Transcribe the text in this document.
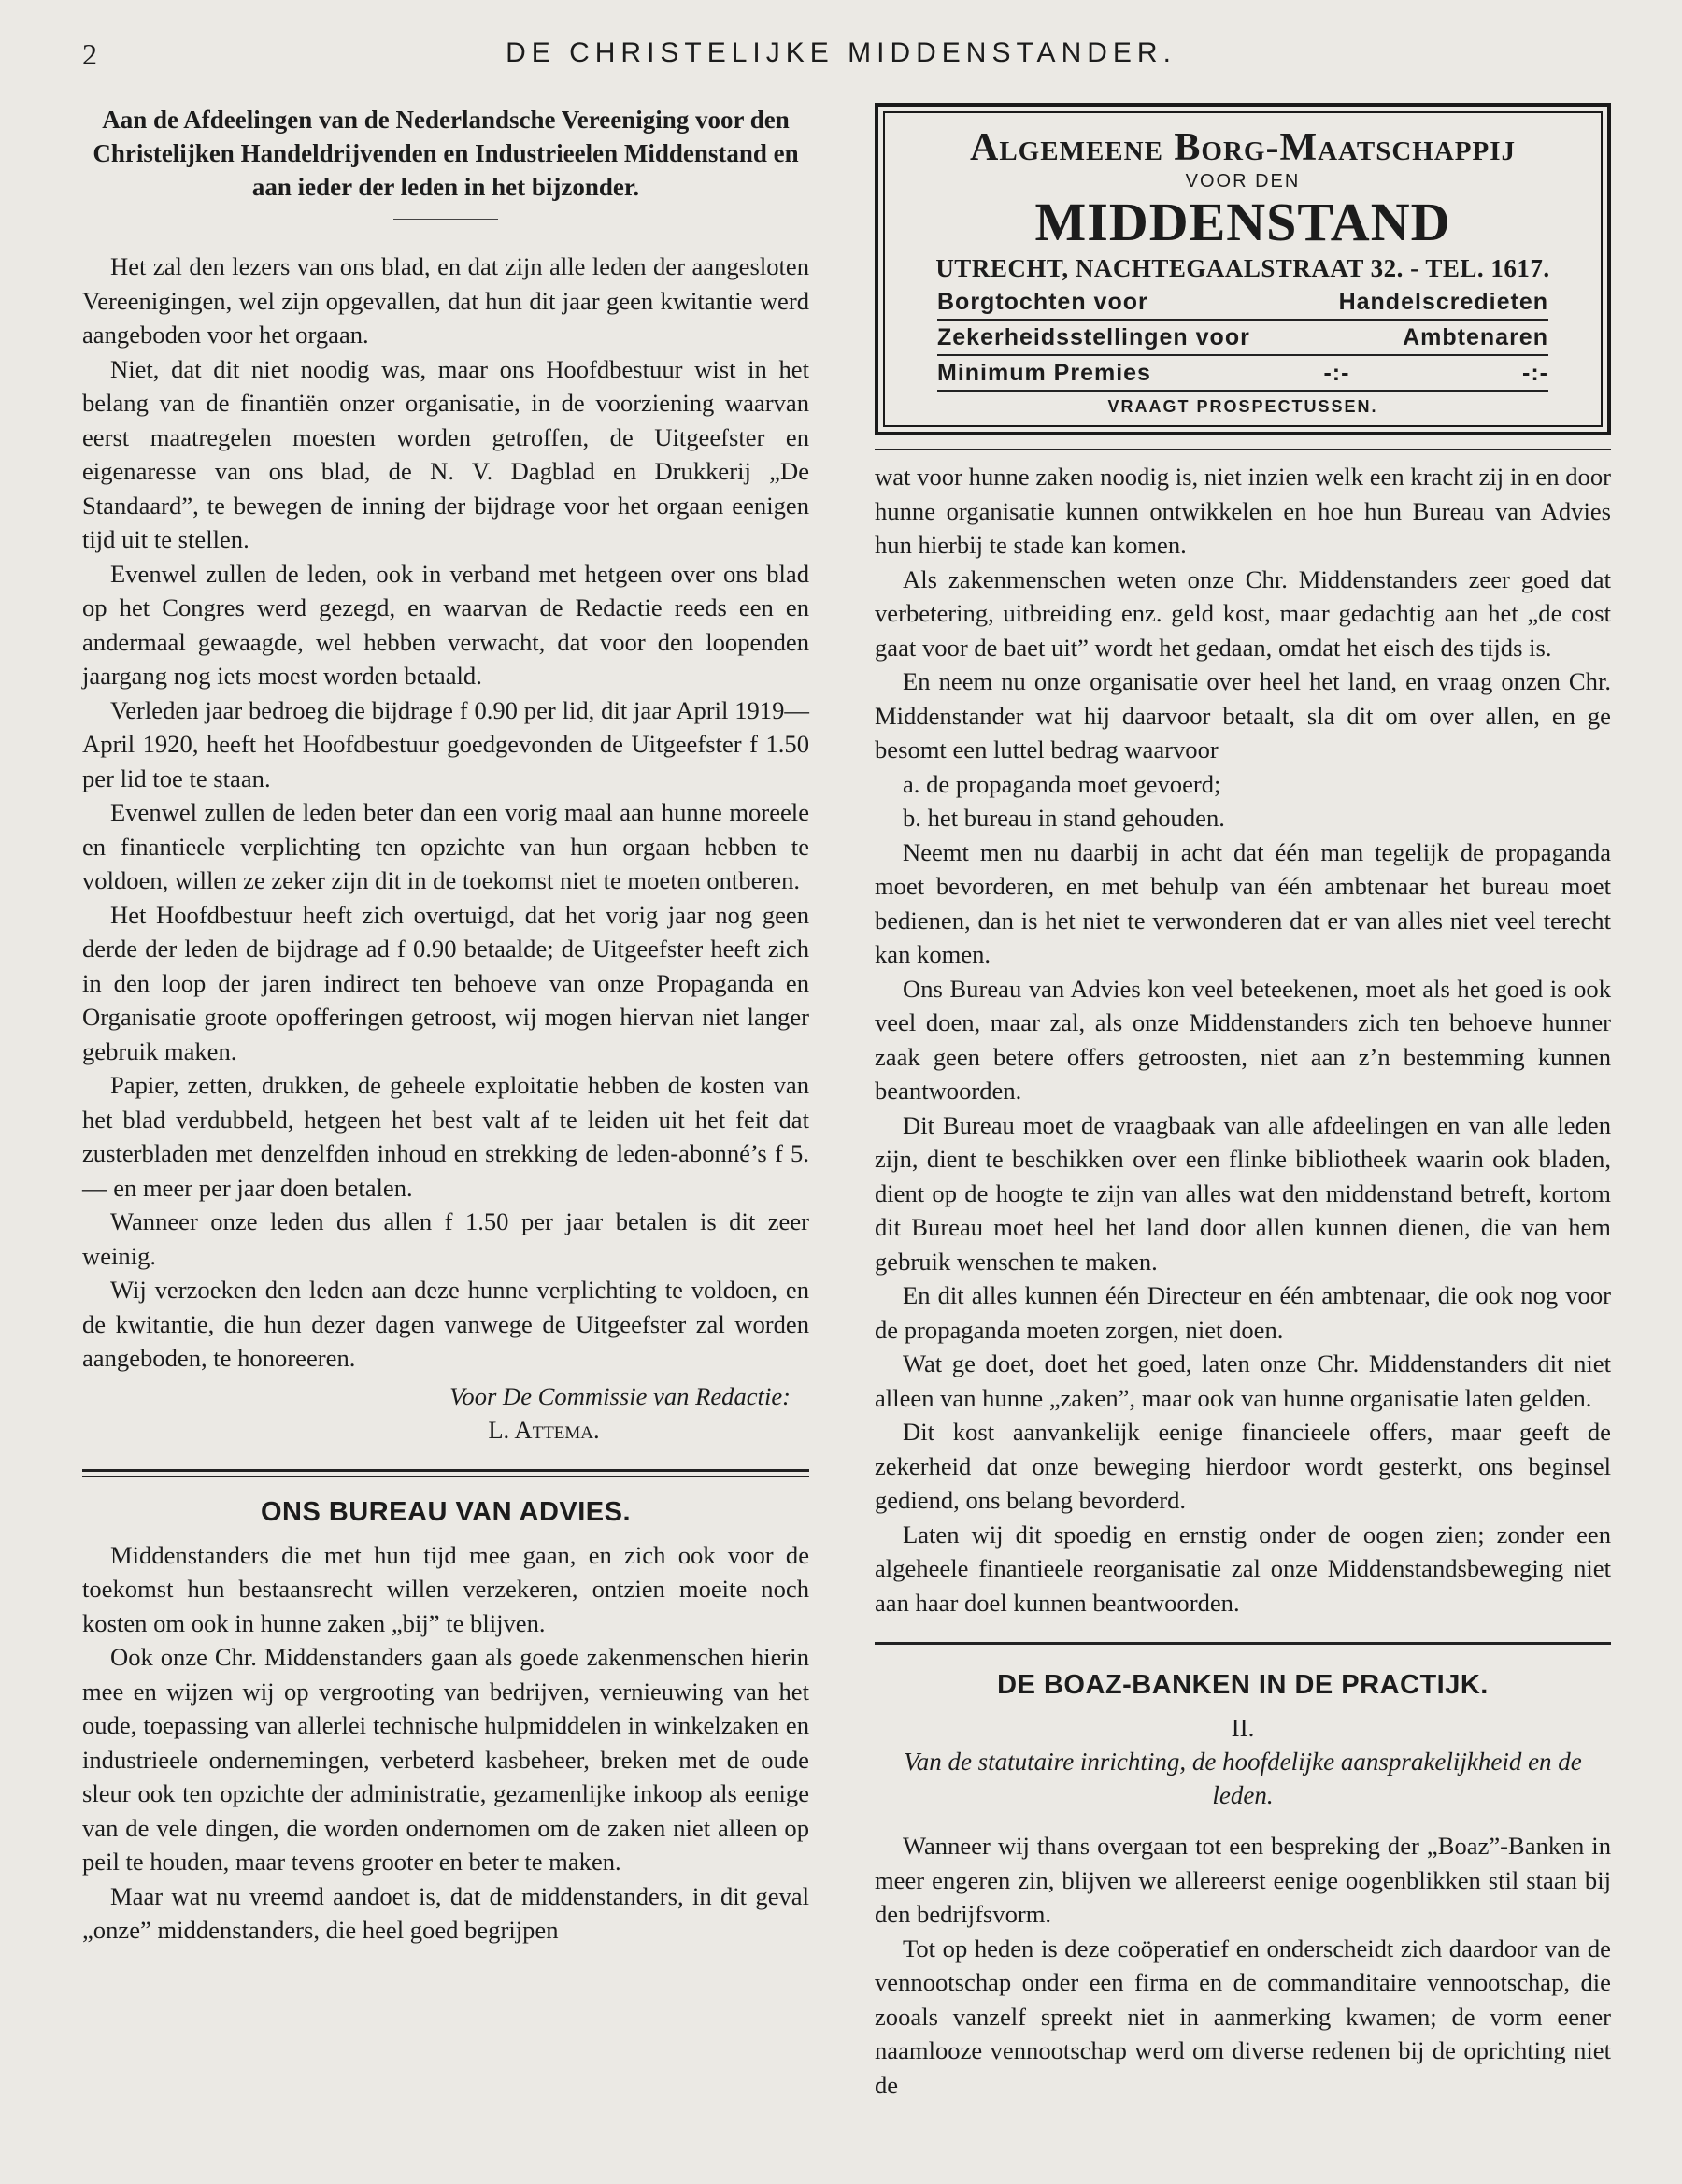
2	DE CHRISTELIJKE MIDDENSTANDER.
Aan de Afdeelingen van de Nederlandsche Vereeniging voor den Christelijken Handeldrijvenden en Industrieelen Middenstand en aan ieder der leden in het bijzonder.

Het zal den lezers van ons blad, en dat zijn alle leden der aangesloten Vereenigingen, wel zijn opgevallen, dat hun dit jaar geen kwitantie werd aangeboden voor het orgaan.

Niet, dat dit niet noodig was, maar ons Hoofdbestuur wist in het belang van de finantiën onzer organisatie, in de voorziening waarvan eerst maatregelen moesten worden getroffen, de Uitgeefster en eigenaresse van ons blad, de N. V. Dagblad en Drukkerij „De Standaard”, te bewegen de inning der bijdrage voor het orgaan eenigen tijd uit te stellen.

Evenwel zullen de leden, ook in verband met hetgeen over ons blad op het Congres werd gezegd, en waarvan de Redactie reeds een en andermaal gewaagde, wel hebben verwacht, dat voor den loopenden jaargang nog iets moest worden betaald.

Verleden jaar bedroeg die bijdrage f 0.90 per lid, dit jaar April 1919—April 1920, heeft het Hoofdbestuur goedgevonden de Uitgeefster f 1.50 per lid toe te staan.

Evenwel zullen de leden beter dan een vorig maal aan hunne moreele en finantieele verplichting ten opzichte van hun orgaan hebben te voldoen, willen ze zeker zijn dit in de toekomst niet te moeten ontberen.

Het Hoofdbestuur heeft zich overtuigd, dat het vorig jaar nog geen derde der leden de bijdrage ad f 0.90 betaalde; de Uitgeefster heeft zich in den loop der jaren indirect ten behoeve van onze Propaganda en Organisatie groote opofferingen getroost, wij mogen hiervan niet langer gebruik maken.

Papier, zetten, drukken, de geheele exploitatie hebben de kosten van het blad verdubbeld, hetgeen het best valt af te leiden uit het feit dat zusterbladen met denzelfden inhoud en strekking de leden-abonné’s f 5.— en meer per jaar doen betalen.

Wanneer onze leden dus allen f 1.50 per jaar betalen is dit zeer weinig.

Wij verzoeken den leden aan deze hunne verplichting te voldoen, en de kwitantie, die hun dezer dagen vanwege de Uitgeefster zal worden aangeboden, te honoreeren.

Voor De Commissie van Redactie:
L. Attema.
ONS BUREAU VAN ADVIES.

Middenstanders die met hun tijd mee gaan, en zich ook voor de toekomst hun bestaansrecht willen verzekeren, ontzien moeite noch kosten om ook in hunne zaken „bij” te blijven.

Ook onze Chr. Middenstanders gaan als goede zakenmenschen hierin mee en wijzen wij op vergrooting van bedrijven, vernieuwing van het oude, toepassing van allerlei technische hulpmiddelen in winkelzaken en industrieele ondernemingen, verbeterd kasbeheer, breken met de oude sleur ook ten opzichte der administratie, gezamenlijke inkoop als eenige van de vele dingen, die worden ondernomen om de zaken niet alleen op peil te houden, maar tevens grooter en beter te maken.

Maar wat nu vreemd aandoet is, dat de middenstanders, in dit geval „onze” middenstanders, die heel goed begrijpen

Algemeene Borg-Maatschappij
VOOR DEN
MIDDENSTAND
UTRECHT, NACHTEGAALSTRAAT 32. - TEL. 1617.
Borgtochten voor	Handelscredieten
Zekerheidsstellingen voor	Ambtenaren
Minimum Premies	-:-	-:-
VRAAGT PROSPECTUSSEN.

wat voor hunne zaken noodig is, niet inzien welk een kracht zij in en door hunne organisatie kunnen ontwikkelen en hoe hun Bureau van Advies hun hierbij te stade kan komen.

Als zakenmenschen weten onze Chr. Middenstanders zeer goed dat verbetering, uitbreiding enz. geld kost, maar gedachtig aan het „de cost gaat voor de baet uit” wordt het gedaan, omdat het eisch des tijds is.

En neem nu onze organisatie over heel het land, en vraag onzen Chr. Middenstander wat hij daarvoor betaalt, sla dit om over allen, en ge besomt een luttel bedrag waarvoor

a. de propaganda moet gevoerd;

b. het bureau in stand gehouden.

Neemt men nu daarbij in acht dat één man tegelijk de propaganda moet bevorderen, en met behulp van één ambtenaar het bureau moet bedienen, dan is het niet te verwonderen dat er van alles niet veel terecht kan komen.

Ons Bureau van Advies kon veel beteekenen, moet als het goed is ook veel doen, maar zal, als onze Middenstanders zich ten behoeve hunner zaak geen betere offers getroosten, niet aan z’n bestemming kunnen beantwoorden.

Dit Bureau moet de vraagbaak van alle afdeelingen en van alle leden zijn, dient te beschikken over een flinke bibliotheek waarin ook bladen, dient op de hoogte te zijn van alles wat den middenstand betreft, kortom dit Bureau moet heel het land door allen kunnen dienen, die van hem gebruik wenschen te maken.

En dit alles kunnen één Directeur en één ambtenaar, die ook nog voor de propaganda moeten zorgen, niet doen.

Wat ge doet, doet het goed, laten onze Chr. Middenstanders dit niet alleen van hunne „zaken”, maar ook van hunne organisatie laten gelden.

Dit kost aanvankelijk eenige financieele offers, maar geeft de zekerheid dat onze beweging hierdoor wordt gesterkt, ons beginsel gediend, ons belang bevorderd.

Laten wij dit spoedig en ernstig onder de oogen zien; zonder een algeheele finantieele reorganisatie zal onze Middenstandsbeweging niet aan haar doel kunnen beantwoorden.

DE BOAZ-BANKEN IN DE PRACTIJK.
II.
Van de statutaire inrichting, de hoofdelijke aansprakelijkheid en de leden.

Wanneer wij thans overgaan tot een bespreking der „Boaz”-Banken in meer engeren zin, blijven we allereerst eenige oogenblikken stil staan bij den bedrijfsvorm.

Tot op heden is deze coöperatief en onderscheidt zich daardoor van de vennootschap onder een firma en de commanditaire vennootschap, die zooals vanzelf spreekt niet in aanmerking kwamen; de vorm eener naamlooze vennootschap werd om diverse redenen bij de oprichting niet de
